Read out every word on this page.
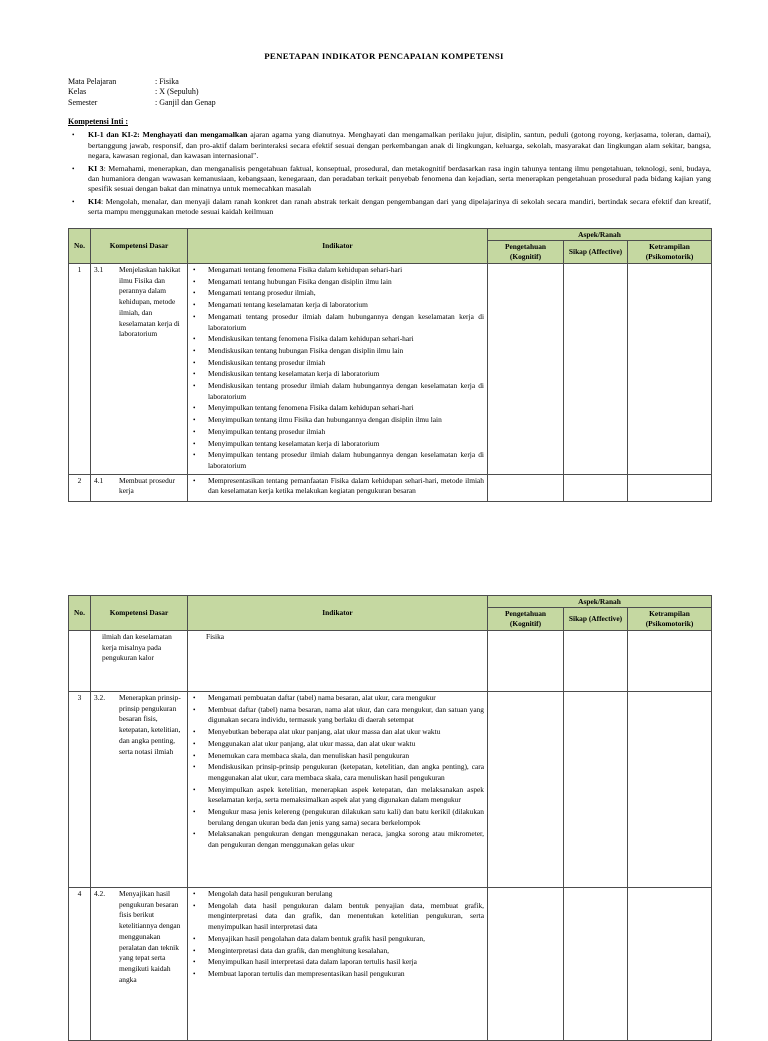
PENETAPAN INDIKATOR PENCAPAIAN KOMPETENSI
Mata Pelajaran	: Fisika
Kelas	: X (Sepuluh)
Semester	: Ganjil dan Genap
Kompetensi Inti :
•	KI-1 dan KI-2: Menghayati dan mengamalkan ajaran agama yang dianutnya. Menghayati dan mengamalkan perilaku jujur, disiplin, santun, peduli (gotong royong, kerjasama, toleran, damai), bertanggung jawab, responsif, dan pro-aktif dalam berinteraksi secara efektif sesuai dengan perkembangan anak di lingkungan, keluarga, sekolah, masyarakat dan lingkungan alam sekitar, bangsa, negara, kawasan regional, dan kawasan internasional".
•	KI 3: Memahami, menerapkan, dan menganalisis pengetahuan faktual, konseptual, prosedural, dan metakognitif berdasarkan rasa ingin tahunya tentang ilmu pengetahuan, teknologi, seni, budaya, dan humaniora dengan wawasan kemanusiaan, kebangsaan, kenegaraan, dan peradaban terkait penyebab fenomena dan kejadian, serta menerapkan pengetahuan prosedural pada bidang kajian yang spesifik sesuai dengan bakat dan minatnya untuk memecahkan masalah
•	KI4: Mengolah, menalar, dan menyaji dalam ranah konkret dan ranah abstrak terkait dengan pengembangan dari yang dipelajarinya di sekolah secara mandiri, bertindak secara efektif dan kreatif, serta mampu menggunakan metode sesuai kaidah keilmuan
No.	Kompetensi Dasar	Indikator	Aspek/Ranah		
			Pengetahuan (Kognitif)	Sikap (Affective)	Ketrampilan (Psikomotorik)
1	3.1	Menjelaskan hakikat ilmu Fisika dan perannya dalam kehidupan, metode ilmiah, dan keselamatan kerja di laboratorium

•	Mengamati tentang fenomena Fisika dalam kehidupan sehari-hari
•	Mengamati tentang hubungan Fisika dengan disiplin ilmu lain
•	Mengamati tentang prosedur ilmiah,
•	Mengamati tentang keselamatan kerja di laboratorium
•	Mengamati tentang prosedur ilmiah dalam hubungannya dengan keselamatan kerja di laboratorium
•	Mendiskusikan tentang fenomena Fisika dalam kehidupan sehari-hari
•	Mendiskusikan tentang hubungan Fisika dengan disiplin ilmu lain
•	Mendiskusikan tentang prosedur ilmiah
•	Mendiskusikan tentang keselamatan kerja di laboratorium
•	Mendiskusikan tentang prosedur ilmiah dalam hubungannya dengan keselamatan kerja di laboratorium
•	Menyimpulkan tentang fenomena Fisika dalam kehidupan sehari-hari
•	Menyimpulkan tentang ilmu Fisika dan hubungannya dengan disiplin ilmu lain
•	Menyimpulkan tentang prosedur ilmiah
•	Menyimpulkan tentang keselamatan kerja di laboratorium
•	Menyimpulkan tentang prosedur ilmiah dalam hubungannya dengan keselamatan kerja di laboratorium

2	4.1	Membuat prosedur kerja

•	Mempresentasikan tentang pemanfaatan Fisika dalam kehidupan sehari-hari, metode ilmiah dan keselamatan kerja ketika melakukan kegiatan pengukuran besaran

No.	Kompetensi Dasar	Indikator	Aspek/Ranah		
			Pengetahuan (Kognitif)	Sikap (Affective)	Ketrampilan (Psikomotorik)

	ilmiah dan keselamatan kerja misalnya pada pengukuran kalor	Fisika			

3	3.2.	Menerapkan prinsip-prinsip pengukuran besaran fisis, ketepatan, ketelitian, dan angka penting, serta notasi ilmiah

•	Mengamati pembuatan daftar (tabel) nama besaran, alat ukur, cara mengukur
•	Membuat daftar (tabel) nama besaran, nama alat ukur, dan cara mengukur, dan satuan yang digunakan secara individu, termasuk yang berlaku di daerah setempat
•	Menyebutkan beberapa alat ukur panjang, alat ukur massa dan alat ukur waktu
•	Menggunakan alat ukur panjang, alat ukur massa, dan alat ukur waktu
•	Menemukan cara membaca skala, dan menuliskan hasil pengukuran
•	Mendiskusikan prinsip-prinsip pengukuran (ketepatan, ketelitian, dan angka penting), cara menggunakan alat ukur, cara membaca skala, cara menuliskan hasil pengukuran
•	Menyimpulkan aspek ketelitian, menerapkan aspek ketepatan, dan melaksanakan aspek keselamatan kerja, serta memaksimalkan aspek alat yang digunakan dalam mengukur
•	Mengukur masa jenis kelereng (pengukuran dilakukan satu kali) dan batu kerikil (dilakukan berulang dengan ukuran beda dan jenis yang sama) secara berkelompok
•	Melaksanakan pengukuran dengan menggunakan neraca, jangka sorong atau mikrometer, dan pengukuran dengan menggunakan gelas ukur

4	4.2.	Menyajikan hasil pengukuran besaran fisis berikut ketelitiannya dengan menggunakan peralatan dan teknik yang tepat serta mengikuti kaidah angka

•	Mengolah data hasil pengukuran berulang
•	Mengolah data hasil pengukuran dalam bentuk penyajian data, membuat grafik, menginterpretasi data dan grafik, dan menentukan ketelitian pengukuran, serta menyimpulkan hasil interpretasi data
•	Menyajikan hasil pengolahan data dalam bentuk grafik hasil pengukuran,
•	Menginterpretasi data dan grafik, dan menghitung kesalahan,
•	Menyimpulkan hasil interpretasi data dalam laporan tertulis hasil kerja
•	Membuat laporan tertulis dan mempresentasikan hasil pengukuran
